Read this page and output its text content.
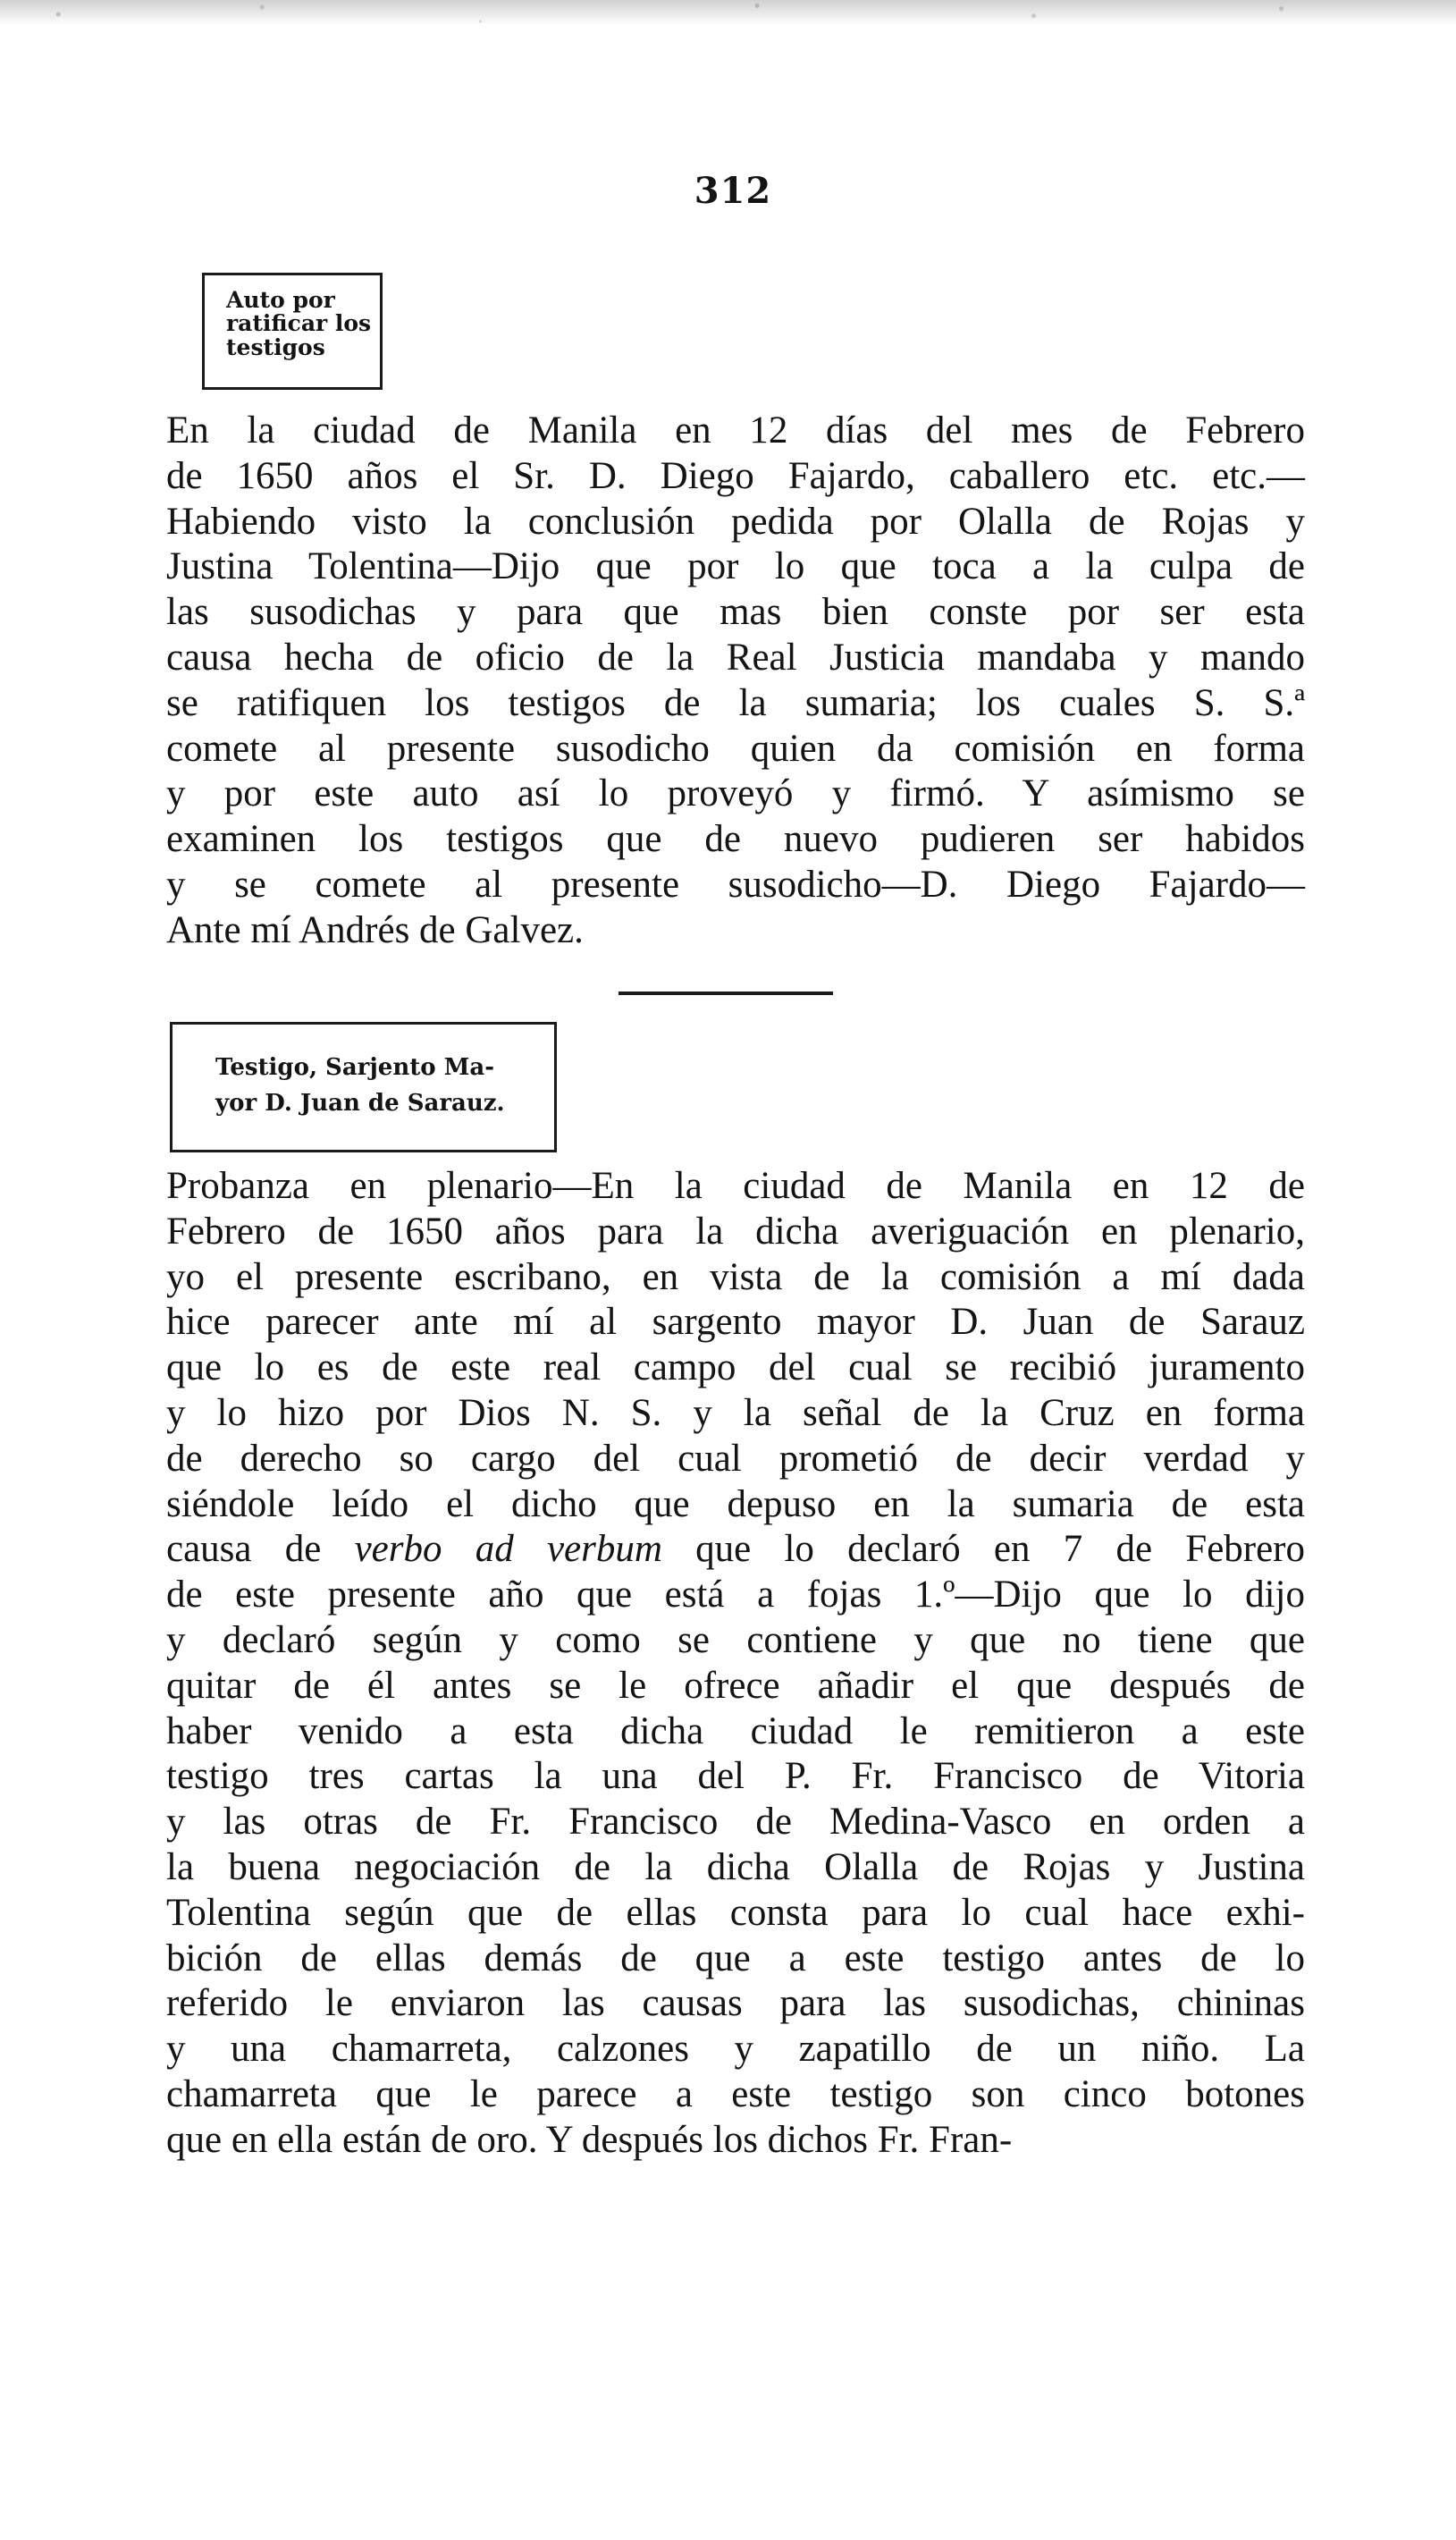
312
Auto por
ratificar los
testigos
En la ciudad de Manila en 12 días del mes de Febrero
de 1650 años el Sr. D. Diego Fajardo, caballero etc. etc.—
Habiendo visto la conclusión pedida por Olalla de Rojas y
Justina Tolentina—Dijo que por lo que toca a la culpa de
las susodichas y para que mas bien conste por ser esta
causa hecha de oficio de la Real Justicia mandaba y mando
se ratifiquen los testigos de la sumaria; los cuales S. S.ª
comete al presente susodicho quien da comisión en forma
y por este auto así lo proveyó y firmó. Y asímismo se
examinen los testigos que de nuevo pudieren ser habidos
y se comete al presente susodicho—D. Diego Fajardo—
Ante mí Andrés de Galvez.
Testigo, Sarjento Ma-
yor D. Juan de Sarauz.
Probanza en plenario—En la ciudad de Manila en 12 de
Febrero de 1650 años para la dicha averiguación en plenario,
yo el presente escribano, en vista de la comisión a mí dada
hice parecer ante mí al sargento mayor D. Juan de Sarauz
que lo es de este real campo del cual se recibió juramento
y lo hizo por Dios N. S. y la señal de la Cruz en forma
de derecho so cargo del cual prometió de decir verdad y
siéndole leído el dicho que depuso en la sumaria de esta
causa de verbo ad verbum que lo declaró en 7 de Febrero
de este presente año que está a fojas 1.º—Dijo que lo dijo
y declaró según y como se contiene y que no tiene que
quitar de él antes se le ofrece añadir el que después de
haber venido a esta dicha ciudad le remitieron a este
testigo tres cartas la una del P. Fr. Francisco de Vitoria
y las otras de Fr. Francisco de Medina-Vasco en orden a
la buena negociación de la dicha Olalla de Rojas y Justina
Tolentina según que de ellas consta para lo cual hace exhi-
bición de ellas demás de que a este testigo antes de lo
referido le enviaron las causas para las susodichas, chininas
y una chamarreta, calzones y zapatillo de un niño. La
chamarreta que le parece a este testigo son cinco botones
que en ella están de oro. Y después los dichos Fr. Fran-
